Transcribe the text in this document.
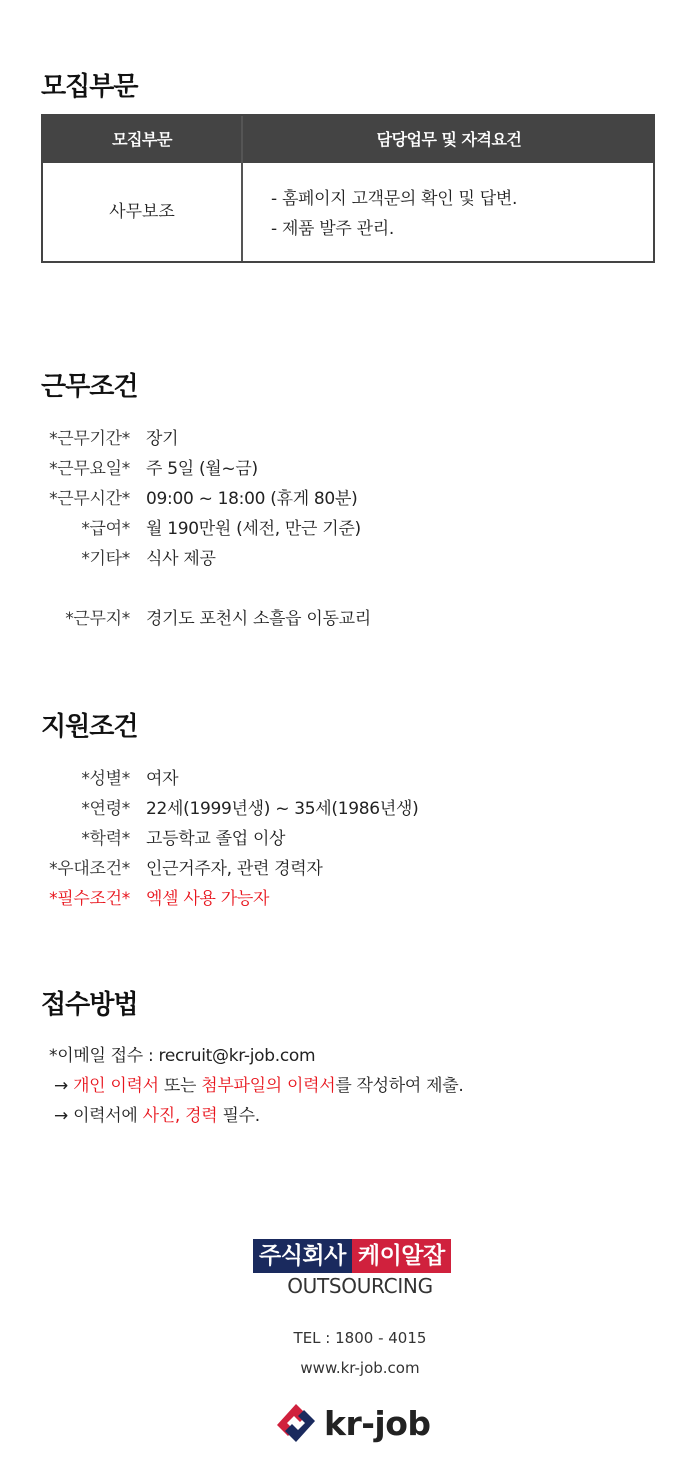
모집부문
모집부문	담당업무 및 자격요건
사무보조
- 홈페이지 고객문의 확인 및 답변.
- 제품 발주 관리.
근무조건
*근무기간* 장기
*근무요일* 주 5일 (월~금)
*근무시간* 09:00 ~ 18:00 (휴게 80분)
*급여* 월 190만원 (세전, 만근 기준)
*기타* 식사 제공
*근무지* 경기도 포천시 소흘읍 이동교리
지원조건
*성별* 여자
*연령* 22세(1999년생) ~ 35세(1986년생)
*학력* 고등학교 졸업 이상
*우대조건* 인근거주자, 관련 경력자
*필수조건* 엑셀 사용 가능자
접수방법
*이메일 접수 : recruit@kr-job.com
→ 개인 이력서 또는 첨부파일의 이력서를 작성하여 제출.
→ 이력서에 사진, 경력 필수.
주식회사 케이알잡
OUTSOURCING
TEL : 1800 - 4015
www.kr-job.com
kr-job
